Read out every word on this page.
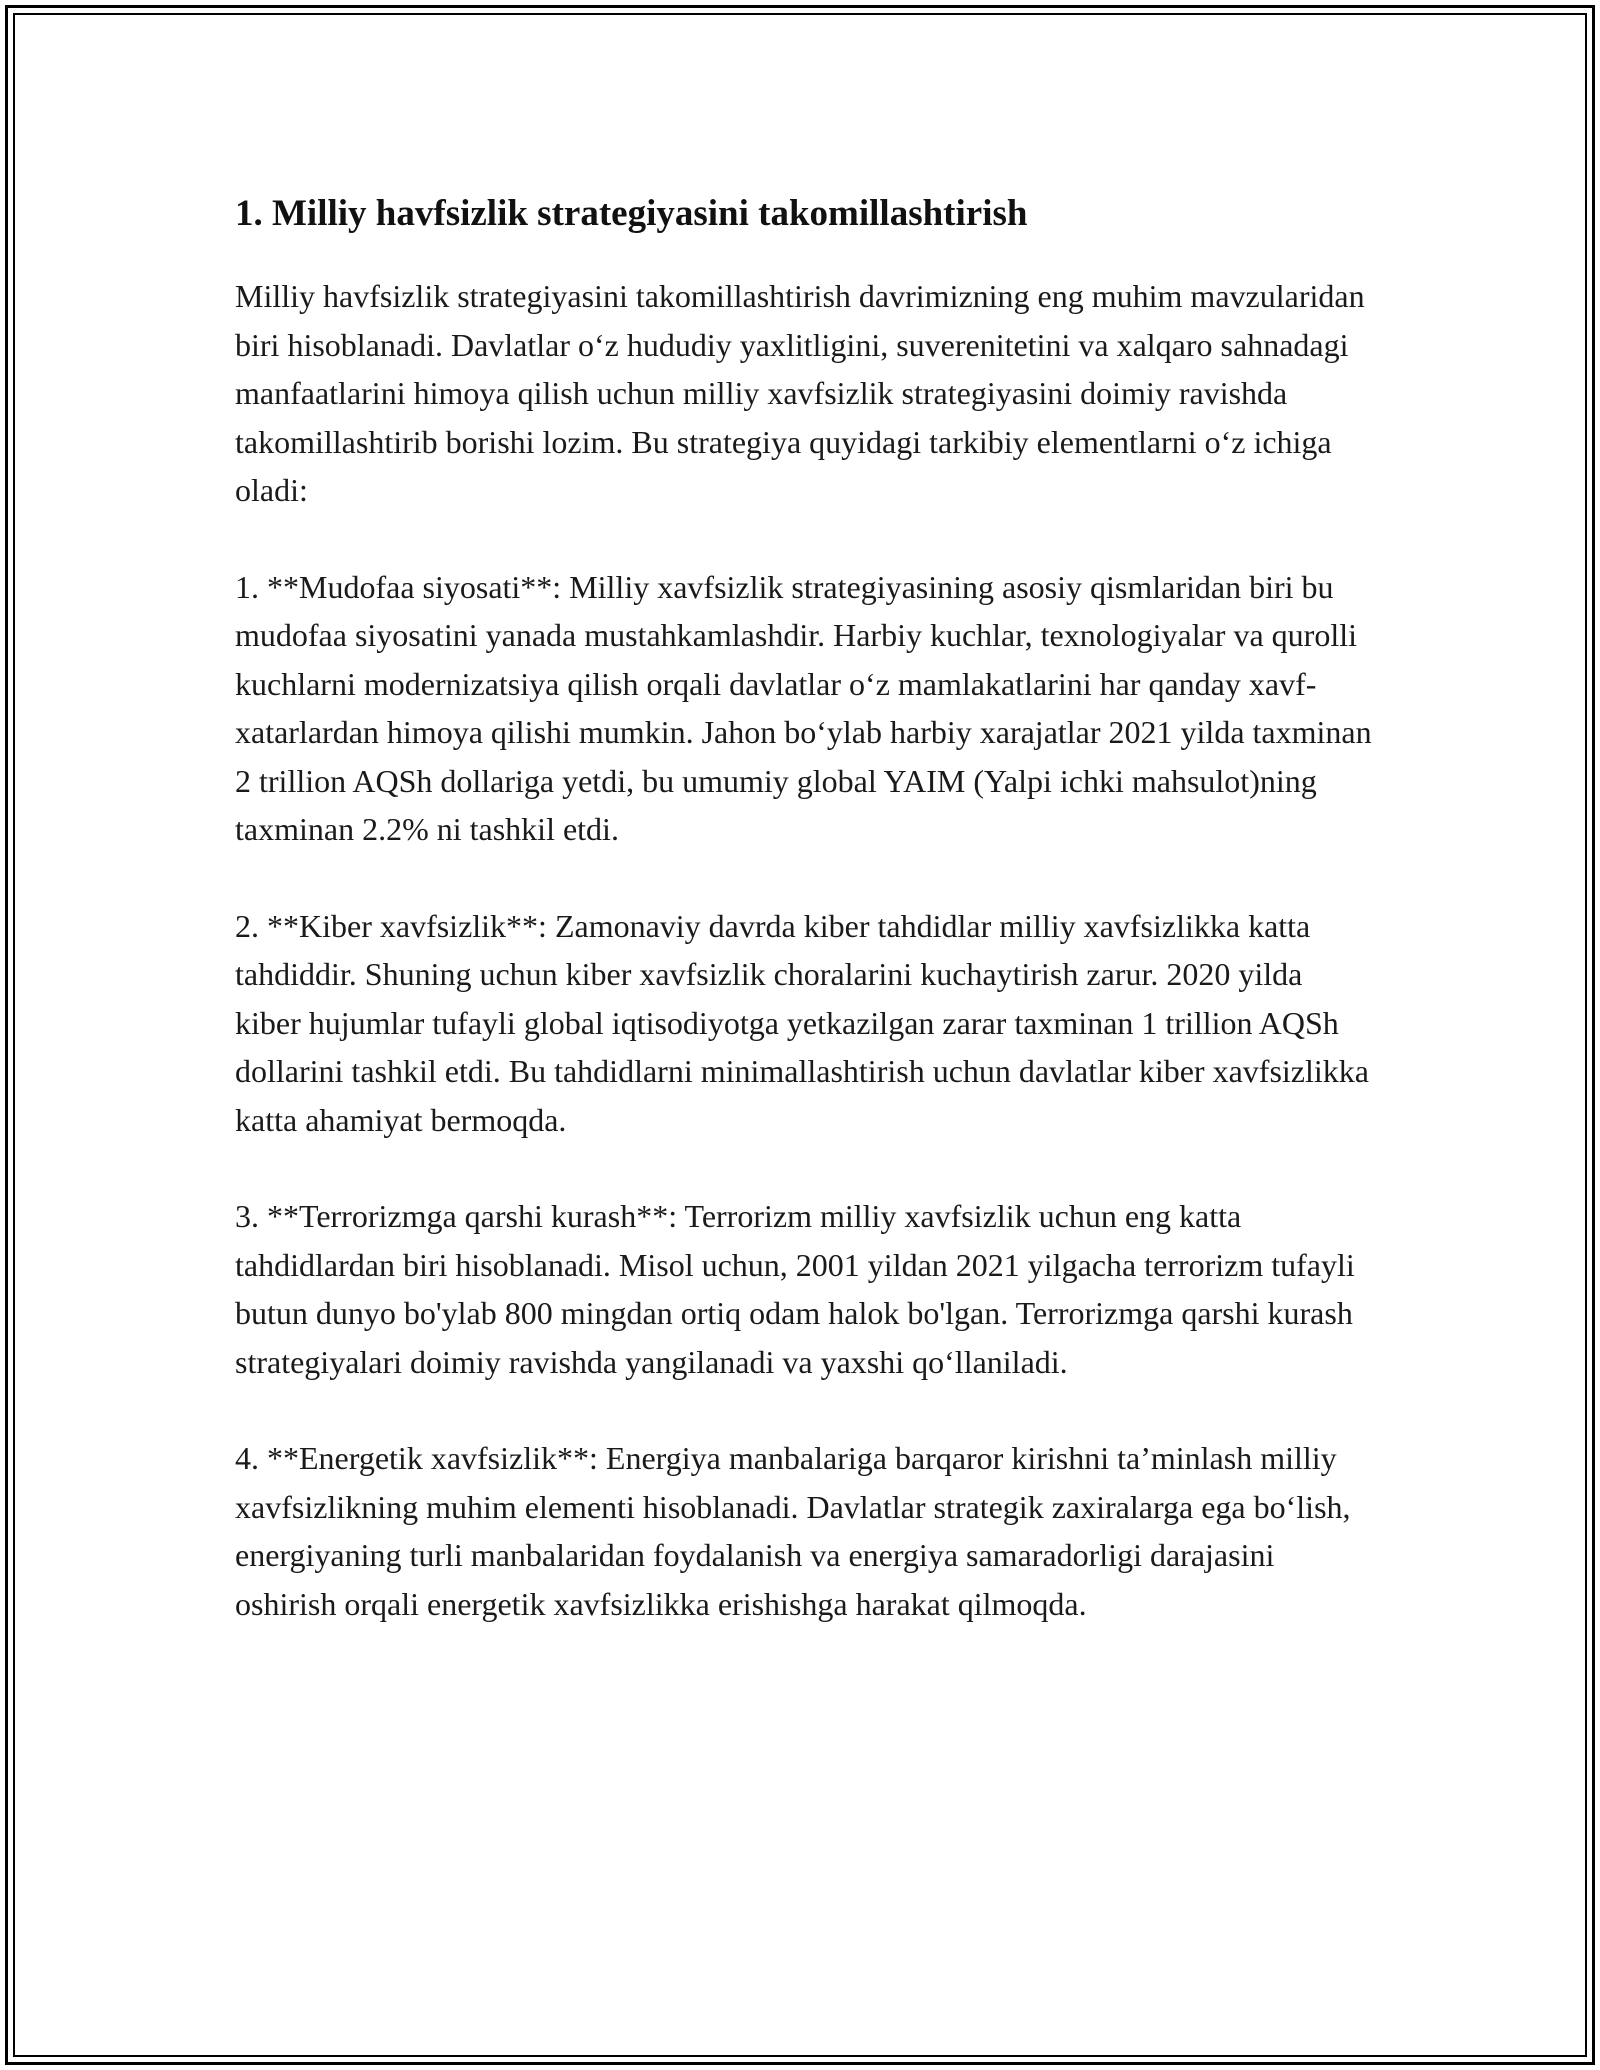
1. Milliy havfsizlik strategiyasini takomillashtirish

Milliy havfsizlik strategiyasini takomillashtirish davrimizning eng muhim mavzularidan biri hisoblanadi. Davlatlar o‘z hududiy yaxlitligini, suverenitetini va xalqaro sahnadagi manfaatlarini himoya qilish uchun milliy xavfsizlik strategiyasini doimiy ravishda takomillashtirib borishi lozim. Bu strategiya quyidagi tarkibiy elementlarni o‘z ichiga oladi:

1. **Mudofaa siyosati**: Milliy xavfsizlik strategiyasining asosiy qismlaridan biri bu mudofaa siyosatini yanada mustahkamlashdir. Harbiy kuchlar, texnologiyalar va qurolli kuchlarni modernizatsiya qilish orqali davlatlar o‘z mamlakatlarini har qanday xavf-xatarlardan himoya qilishi mumkin. Jahon bo‘ylab harbiy xarajatlar 2021 yilda taxminan 2 trillion AQSh dollariga yetdi, bu umumiy global YAIM (Yalpi ichki mahsulot)ning taxminan 2.2% ni tashkil etdi.

2. **Kiber xavfsizlik**: Zamonaviy davrda kiber tahdidlar milliy xavfsizlikka katta tahdiddir. Shuning uchun kiber xavfsizlik choralarini kuchaytirish zarur. 2020 yilda kiber hujumlar tufayli global iqtisodiyotga yetkazilgan zarar taxminan 1 trillion AQSh dollarini tashkil etdi. Bu tahdidlarni minimallashtirish uchun davlatlar kiber xavfsizlikka katta ahamiyat bermoqda.

3. **Terrorizmga qarshi kurash**: Terrorizm milliy xavfsizlik uchun eng katta tahdidlardan biri hisoblanadi. Misol uchun, 2001 yildan 2021 yilgacha terrorizm tufayli butun dunyo bo'ylab 800 mingdan ortiq odam halok bo'lgan. Terrorizmga qarshi kurash strategiyalari doimiy ravishda yangilanadi va yaxshi qo‘llaniladi.

4. **Energetik xavfsizlik**: Energiya manbalariga barqaror kirishni ta’minlash milliy xavfsizlikning muhim elementi hisoblanadi. Davlatlar strategik zaxiralarga ega bo‘lish, energiyaning turli manbalaridan foydalanish va energiya samaradorligi darajasini oshirish orqali energetik xavfsizlikka erishishga harakat qilmoqda.
